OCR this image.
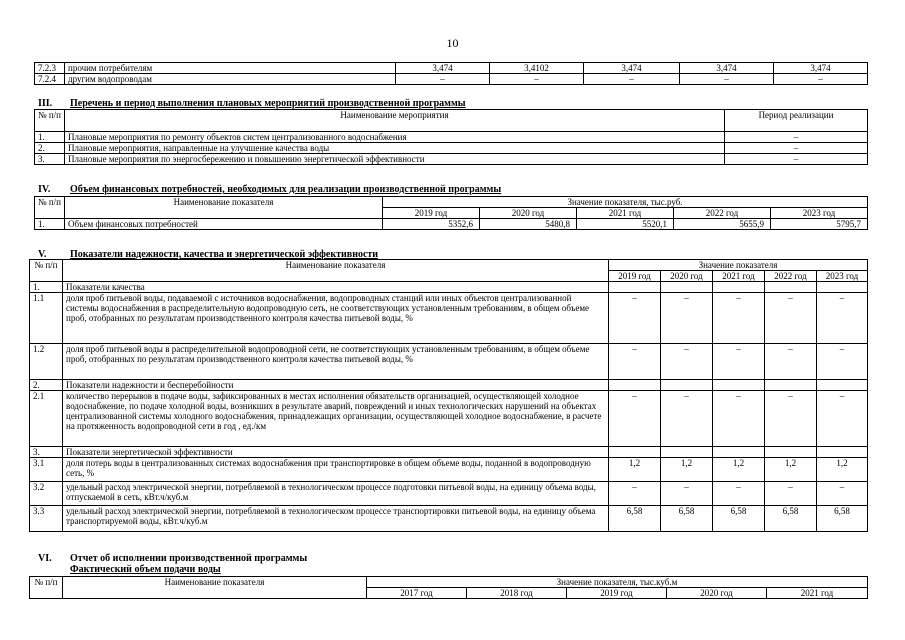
10
7.2.3	прочим потребителям	3,474	3,4102	3,474	3,474	3,474
7.2.4	другим водопроводам	–	–	–	–	–
III. Перечень и период выполнения плановых мероприятий производственной программы
№ п/п	Наименование мероприятия	Период реализации
1.	Плановые мероприятия по ремонту объектов систем централизованного водоснабжения	–
2.	Плановые мероприятия, направленные на улучшение качества воды	–
3.	Плановые мероприятия по энергосбережению и повышению энергетической эффективности	–
IV. Объем финансовых потребностей, необходимых для реализации производственной программы
№ п/п	Наименование показателя	Значение показателя, тыс.руб.				
		2019 год	2020 год	2021 год	2022 год	2023 год
1.	Объем финансовых потребностей	5352,6	5480,8	5520,1	5655,9	5795,7
V. Показатели надежности, качества и энергетической эффективности
№ п/п	Наименование показателя	Значение показателя				
		2019 год	2020 год	2021 год	2022 год	2023 год
1.	Показатели качества					
1.1	доля проб питьевой воды, подаваемой с источников водоснабжения, водопроводных станций или иных объектов централизованной системы водоснабжения в распределительную водопроводную сеть, не соответствующих установленным требованиям, в общем объеме проб, отобранных по результатам производственного контроля качества питьевой воды, %	–	–	–	–	–
1.2	доля проб питьевой воды в распределительной водопроводной сети, не соответствующих установленным требованиям, в общем объеме проб, отобранных по результатам производственного контроля качества питьевой воды, %	–	–	–	–	–
2.	Показатели надежности и бесперебойности					
2.1	количество перерывов в подаче воды, зафиксированных в местах исполнения обязательств организацией, осуществляющей холодное водоснабжение, по подаче холодной воды, возникших в результате аварий, повреждений и иных технологических нарушений на объектах централизованной системы холодного водоснабжения, принадлежащих организации, осуществляющей холодное водоснабжение, в расчете на протяженность водопроводной сети в год , ед./км	–	–	–	–	–
3.	Показатели энергетической эффективности					
3.1	доля потерь воды в централизованных системах водоснабжения при транспортировке в общем объеме воды, поданной в водопроводную сеть, %	1,2	1,2	1,2	1,2	1,2
3.2	удельный расход электрической энергии, потребляемой в технологическом процессе подготовки питьевой воды, на единицу объема воды, отпускаемой в сеть, кВт.ч/куб.м	–	–	–	–	–
3.3	удельный расход электрической энергии, потребляемой в технологическом процессе транспортировки питьевой воды, на единицу объема транспортируемой воды, кВт.ч/куб.м	6,58	6,58	6,58	6,58	6,58
VI. Отчет об исполнении производственной программы
Фактический объем подачи воды
№ п/п	Наименование показателя	Значение показателя, тыс.куб.м				
		2017 год	2018 год	2019 год	2020 год	2021 год
